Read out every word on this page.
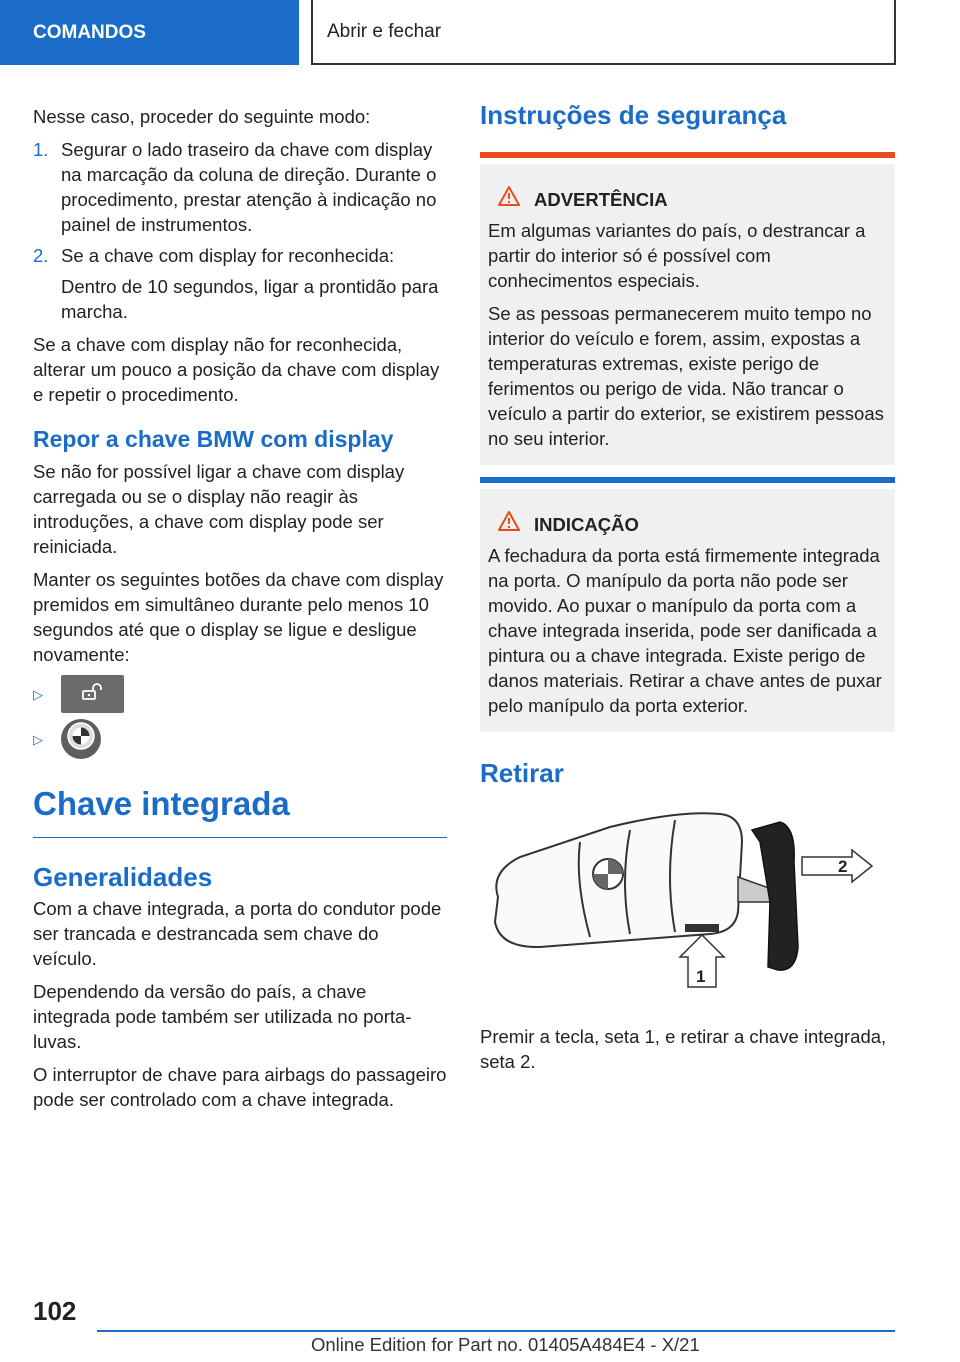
COMANDOS	Abrir e fechar

Nesse caso, proceder do seguinte modo:

1. Segurar o lado traseiro da chave com display na marcação da coluna de direção. Durante o procedimento, prestar atenção à indicação no painel de instrumentos.
2. Se a chave com display for reconhecida:
Dentro de 10 segundos, ligar a prontidão para marcha.

Se a chave com display não for reconhecida, alterar um pouco a posição da chave com display e repetir o procedimento.

Repor a chave BMW com display

Se não for possível ligar a chave com display carregada ou se o display não reagir às introduções, a chave com display pode ser reiniciada.

Manter os seguintes botões da chave com display premidos em simultâneo durante pelo menos 10 segundos até que o display se ligue e desligue novamente:

▷
▷
Chave integrada
Generalidades

Com a chave integrada, a porta do condutor pode ser trancada e destrancada sem chave do veículo.

Dependendo da versão do país, a chave integrada pode também ser utilizada no porta-luvas.

O interruptor de chave para airbags do passageiro pode ser controlado com a chave integrada.

Instruções de segurança
ADVERTÊNCIA

Em algumas variantes do país, o destrancar a partir do interior só é possível com conhecimentos especiais.

Se as pessoas permanecerem muito tempo no interior do veículo e forem, assim, expostas a temperaturas extremas, existe perigo de ferimentos ou perigo de vida. Não trancar o veículo a partir do exterior, se existirem pessoas no seu interior.

INDICAÇÃO

A fechadura da porta está firmemente integrada na porta. O manípulo da porta não pode ser movido. Ao puxar o manípulo da porta com a chave integrada inserida, pode ser danificada a pintura ou a chave integrada. Existe perigo de danos materiais. Retirar a chave antes de puxar pelo manípulo da porta exterior.

Retirar
2
1

Premir a tecla, seta 1, e retirar a chave integrada, seta 2.

102
Online Edition for Part no. 01405A484E4 - X/21
